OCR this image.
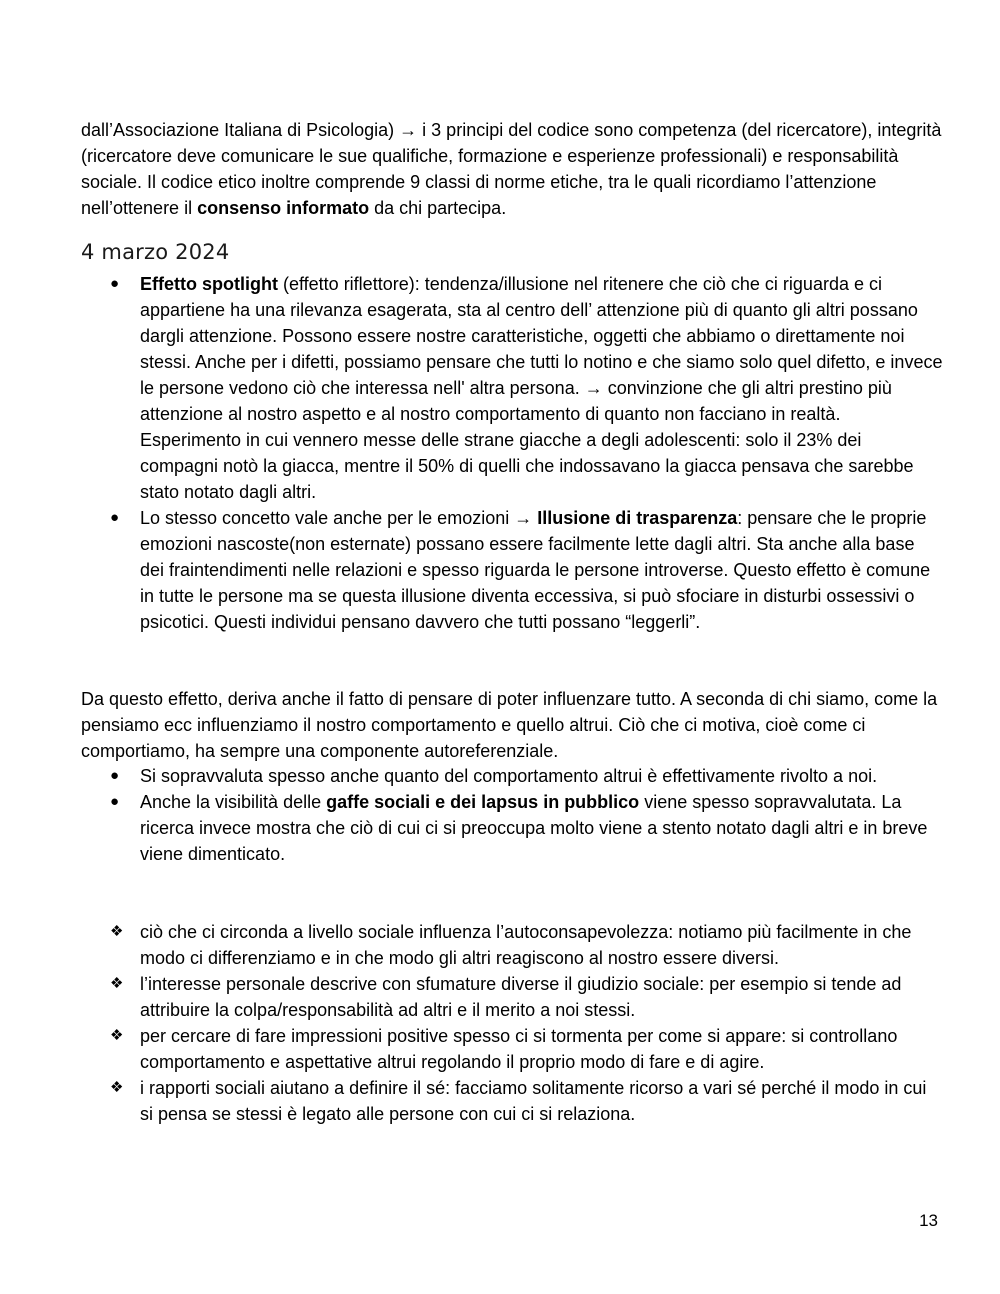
dall’Associazione Italiana di Psicologia) → i 3 principi del codice sono competenza (del ricercatore), integrità (ricercatore deve comunicare le sue qualifiche, formazione e esperienze professionali) e responsabilità sociale. Il codice etico inoltre comprende 9 classi di norme etiche, tra le quali ricordiamo l’attenzione nell’ottenere il consenso informato da chi partecipa.
4 marzo 2024
●	Effetto spotlight (effetto riflettore): tendenza/illusione nel ritenere che ciò che ci riguarda e ci appartiene ha una rilevanza esagerata, sta al centro dell’ attenzione più di quanto gli altri possano dargli attenzione. Possono essere nostre caratteristiche, oggetti che abbiamo o direttamente noi stessi. Anche per i difetti, possiamo pensare che tutti lo notino e che siamo solo quel difetto, e invece le persone vedono ciò che interessa nell' altra persona. → convinzione che gli altri prestino più attenzione al nostro aspetto e al nostro comportamento di quanto non facciano in realtà.
Esperimento in cui vennero messe delle strane giacche a degli adolescenti: solo il 23% dei compagni notò la giacca, mentre il 50% di quelli che indossavano la giacca pensava che sarebbe stato notato dagli altri.
●	Lo stesso concetto vale anche per le emozioni → Illusione di trasparenza: pensare che le proprie emozioni nascoste(non esternate) possano essere facilmente lette dagli altri. Sta anche alla base dei fraintendimenti nelle relazioni e spesso riguarda le persone introverse. Questo effetto è comune in tutte le persone ma se questa illusione diventa eccessiva, si può sfociare in disturbi ossessivi o psicotici. Questi individui pensano davvero che tutti possano “leggerli”.
Da questo effetto, deriva anche il fatto di pensare di poter influenzare tutto. A seconda di chi siamo, come la pensiamo ecc influenziamo il nostro comportamento e quello altrui. Ciò che ci motiva, cioè come ci comportiamo, ha sempre una componente autoreferenziale.
●	Si sopravvaluta spesso anche quanto del comportamento altrui è effettivamente rivolto a noi.
●	Anche la visibilità delle gaffe sociali e dei lapsus in pubblico viene spesso sopravvalutata. La ricerca invece mostra che ciò di cui ci si preoccupa molto viene a stento notato dagli altri e in breve viene dimenticato.
❖ ciò che ci circonda a livello sociale influenza l’autoconsapevolezza: notiamo più facilmente in che modo ci differenziamo e in che modo gli altri reagiscono al nostro essere diversi.
❖ l’interesse personale descrive con sfumature diverse il giudizio sociale: per esempio si tende ad attribuire la colpa/responsabilità ad altri e il merito a noi stessi.
❖ per cercare di fare impressioni positive spesso ci si tormenta per come si appare: si controllano comportamento e aspettative altrui regolando il proprio modo di fare e di agire.
❖ i rapporti sociali aiutano a definire il sé: facciamo solitamente ricorso a vari sé perché il modo in cui si pensa se stessi è legato alle persone con cui ci si relaziona.
13
